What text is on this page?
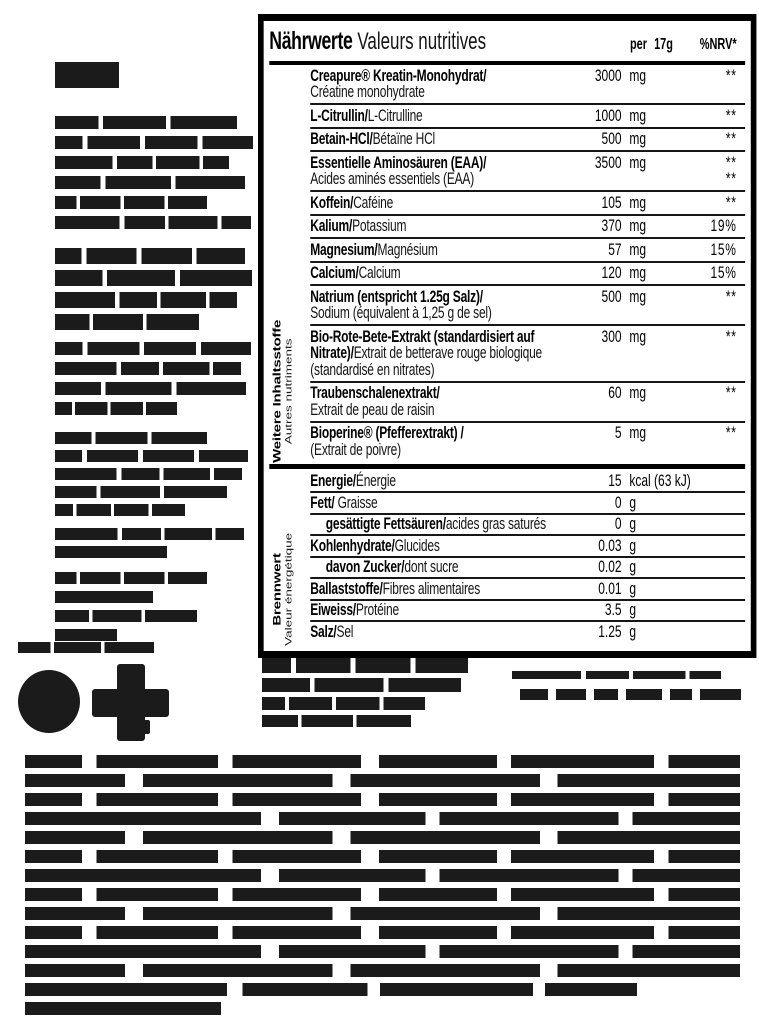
Nährwerte Valeurs nutritives	per 17g %NRV*
Creapure® Kreatin-Monohydrat/
Créatine monohydrate
3000 mg	**
L-Citrullin/L-Citrulline	1000 mg	**
Betain-HCl/Bétaïne HCl	500 mg	**
Essentielle Aminosäuren (EAA)/
Acides aminés essentiels (EAA)
3500 mg	**
**
Koffein/Caféine	105 mg	**
Kalium/Potassium	370 mg	19%
Magnesium/Magnésium	57 mg	15%
Calcium/Calcium	120 mg	15%
Natrium (entspricht 1.25g Salz)/
Sodium (équivalent à 1,25 g de sel)
500 mg	**
Bio-Rote-Bete-Extrakt (standardisiert auf Nitrate)/Extrait de betterave rouge biologique (standardisé en nitrates)
300 mg	**
Traubenschalenextrakt/
Extrait de peau de raisin
60 mg	**
Bioperine® (Pfefferextrakt) /
(Extrait de poivre)
5 mg	**
Energie/Énergie	15 kcal (63 kJ)
Fett/ Graisse	0 g
gesättigte Fettsäuren/acides gras saturés	0 g
Kohlenhydrate/Glucides	0.03 g
davon Zucker/dont sucre	0.02 g
Ballaststoffe/Fibres alimentaires	0.01 g
Eiweiss/Protéine	3.5 g
Salz/Sel	1.25 g
Weitere Inhaltsstoffe Autres nutriments
Brennwert Valeur énergétique
